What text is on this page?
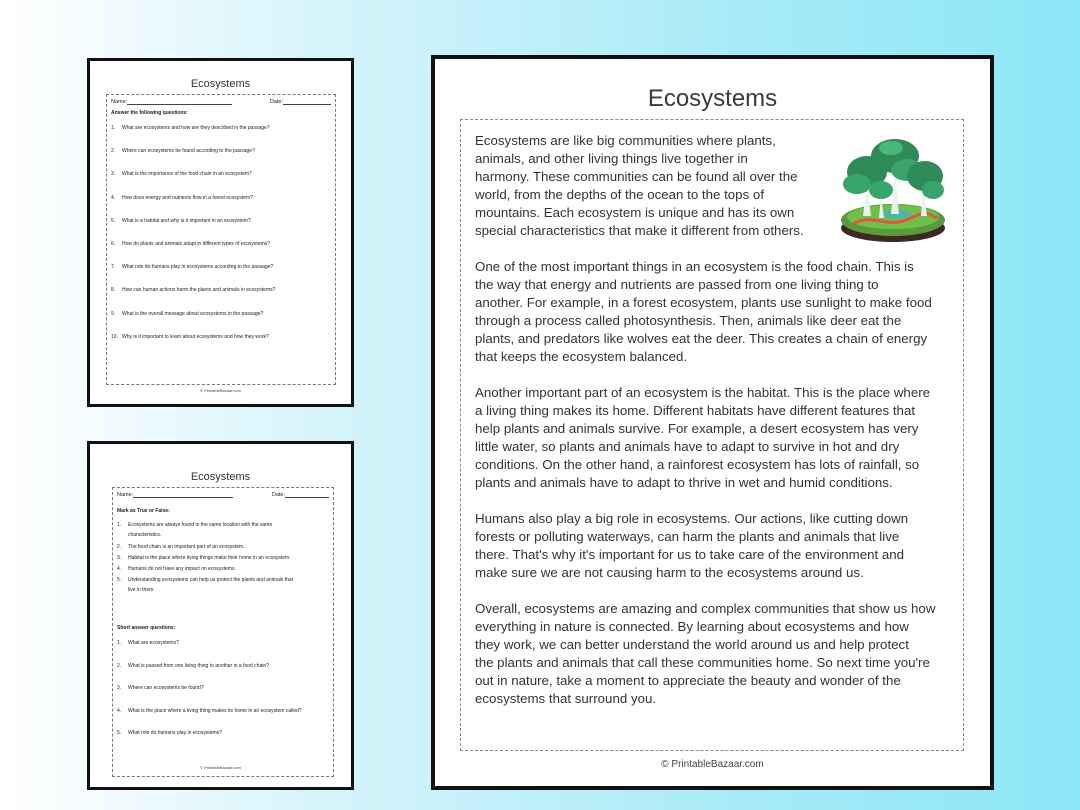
Ecosystems
Name:	Date:
Answer the following questions:
1.	What are ecosystems and how are they described in the passage?
2.	Where can ecosystems be found according to the passage?
3.	What is the importance of the food chain in an ecosystem?
4.	How does energy and nutrients flow in a forest ecosystem?
5.	What is a habitat and why is it important in an ecosystem?
6.	How do plants and animals adapt in different types of ecosystems?
7.	What role do humans play in ecosystems according to the passage?
8.	How can human actions harm the plants and animals in ecosystems?
9.	What is the overall message about ecosystems in the passage?
10. Why is it important to learn about ecosystems and how they work?
© PrintableBazaar.com
Ecosystems
Name:	Date:
Mark as True or False:
1.	Ecosystems are always found in the same location with the same
characteristics.
2.	The food chain is an important part of an ecosystem.
3.	Habitat is the place where living things make their home in an ecosystem.
4.	Humans do not have any impact on ecosystems.
5.	Understanding ecosystems can help us protect the plants and animals that
live in them.
Short answer questions:
1.	What are ecosystems?
2.	What is passed from one living thing to another in a food chain?
3.	Where can ecosystems be found?
4.	What is the place where a living thing makes its home in an ecosystem called?
5.	What role do humans play in ecosystems?
© PrintableBazaar.com
Ecosystems
Ecosystems are like big communities where plants,
animals, and other living things live together in
harmony. These communities can be found all over the
world, from the depths of the ocean to the tops of
mountains. Each ecosystem is unique and has its own
special characteristics that make it different from others.
One of the most important things in an ecosystem is the food chain. This is
the way that energy and nutrients are passed from one living thing to
another. For example, in a forest ecosystem, plants use sunlight to make food
through a process called photosynthesis. Then, animals like deer eat the
plants, and predators like wolves eat the deer. This creates a chain of energy
that keeps the ecosystem balanced.
Another important part of an ecosystem is the habitat. This is the place where
a living thing makes its home. Different habitats have different features that
help plants and animals survive. For example, a desert ecosystem has very
little water, so plants and animals have to adapt to survive in hot and dry
conditions. On the other hand, a rainforest ecosystem has lots of rainfall, so
plants and animals have to adapt to thrive in wet and humid conditions.
Humans also play a big role in ecosystems. Our actions, like cutting down
forests or polluting waterways, can harm the plants and animals that live
there. That's why it's important for us to take care of the environment and
make sure we are not causing harm to the ecosystems around us.
Overall, ecosystems are amazing and complex communities that show us how
everything in nature is connected. By learning about ecosystems and how
they work, we can better understand the world around us and help protect
the plants and animals that call these communities home. So next time you're
out in nature, take a moment to appreciate the beauty and wonder of the
ecosystems that surround you.
© PrintableBazaar.com
